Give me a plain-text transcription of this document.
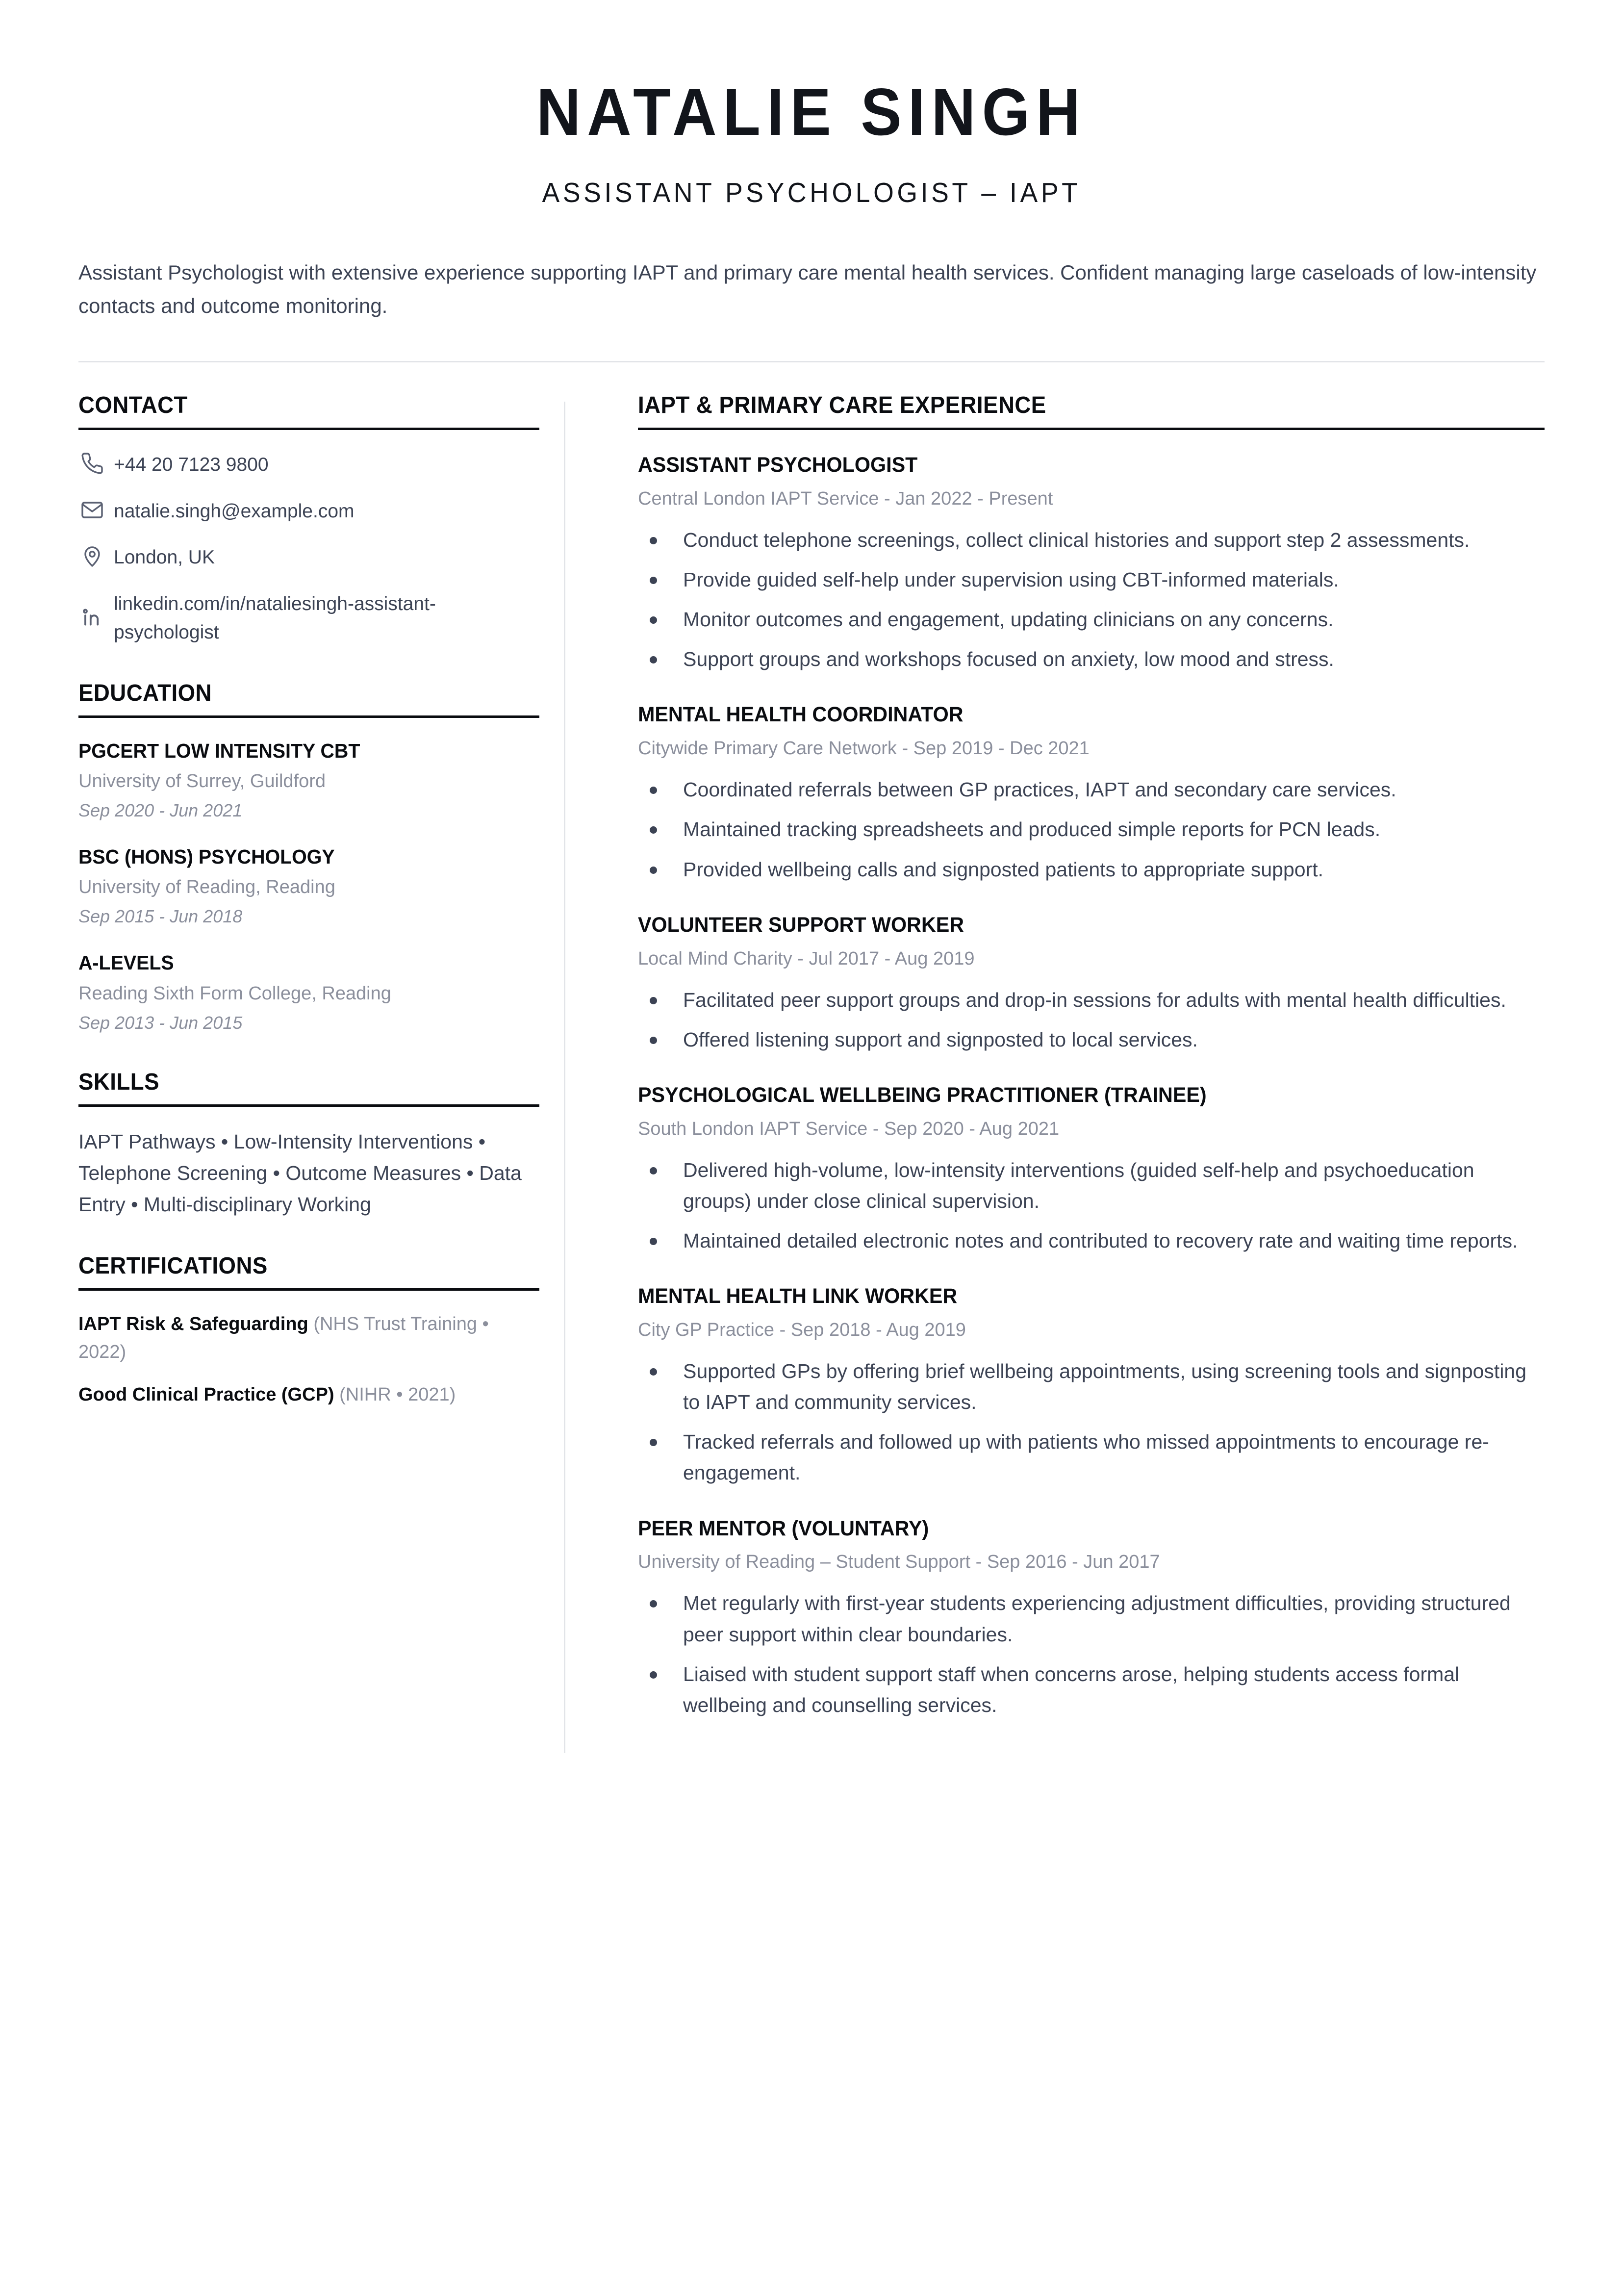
NATALIE SINGH
ASSISTANT PSYCHOLOGIST – IAPT

Assistant Psychologist with extensive experience supporting IAPT and primary care mental health services. Confident managing large caseloads of low-intensity contacts and outcome monitoring.

CONTACT
+44 20 7123 9800
natalie.singh@example.com
London, UK
linkedin.com/in/nataliesingh-assistant-psychologist
EDUCATION
PGCERT LOW INTENSITY CBT
University of Surrey, Guildford
Sep 2020 - Jun 2021
BSC (HONS) PSYCHOLOGY
University of Reading, Reading
Sep 2015 - Jun 2018
A-LEVELS
Reading Sixth Form College, Reading
Sep 2013 - Jun 2015
SKILLS
IAPT Pathways • Low-Intensity Interventions • Telephone Screening • Outcome Measures • Data Entry • Multi-disciplinary Working
CERTIFICATIONS
IAPT Risk & Safeguarding (NHS Trust Training • 2022)
Good Clinical Practice (GCP) (NIHR • 2021)
IAPT & PRIMARY CARE EXPERIENCE
ASSISTANT PSYCHOLOGIST
Central London IAPT Service - Jan 2022 - Present
Conduct telephone screenings, collect clinical histories and support step 2 assessments.
Provide guided self-help under supervision using CBT-informed materials.
Monitor outcomes and engagement, updating clinicians on any concerns.
Support groups and workshops focused on anxiety, low mood and stress.
MENTAL HEALTH COORDINATOR
Citywide Primary Care Network - Sep 2019 - Dec 2021
Coordinated referrals between GP practices, IAPT and secondary care services.
Maintained tracking spreadsheets and produced simple reports for PCN leads.
Provided wellbeing calls and signposted patients to appropriate support.
VOLUNTEER SUPPORT WORKER
Local Mind Charity - Jul 2017 - Aug 2019
Facilitated peer support groups and drop-in sessions for adults with mental health difficulties.
Offered listening support and signposted to local services.
PSYCHOLOGICAL WELLBEING PRACTITIONER (TRAINEE)
South London IAPT Service - Sep 2020 - Aug 2021
Delivered high-volume, low-intensity interventions (guided self-help and psychoeducation groups) under close clinical supervision.
Maintained detailed electronic notes and contributed to recovery rate and waiting time reports.
MENTAL HEALTH LINK WORKER
City GP Practice - Sep 2018 - Aug 2019
Supported GPs by offering brief wellbeing appointments, using screening tools and signposting to IAPT and community services.
Tracked referrals and followed up with patients who missed appointments to encourage re-engagement.
PEER MENTOR (VOLUNTARY)
University of Reading – Student Support - Sep 2016 - Jun 2017
Met regularly with first-year students experiencing adjustment difficulties, providing structured peer support within clear boundaries.
Liaised with student support staff when concerns arose, helping students access formal wellbeing and counselling services.
